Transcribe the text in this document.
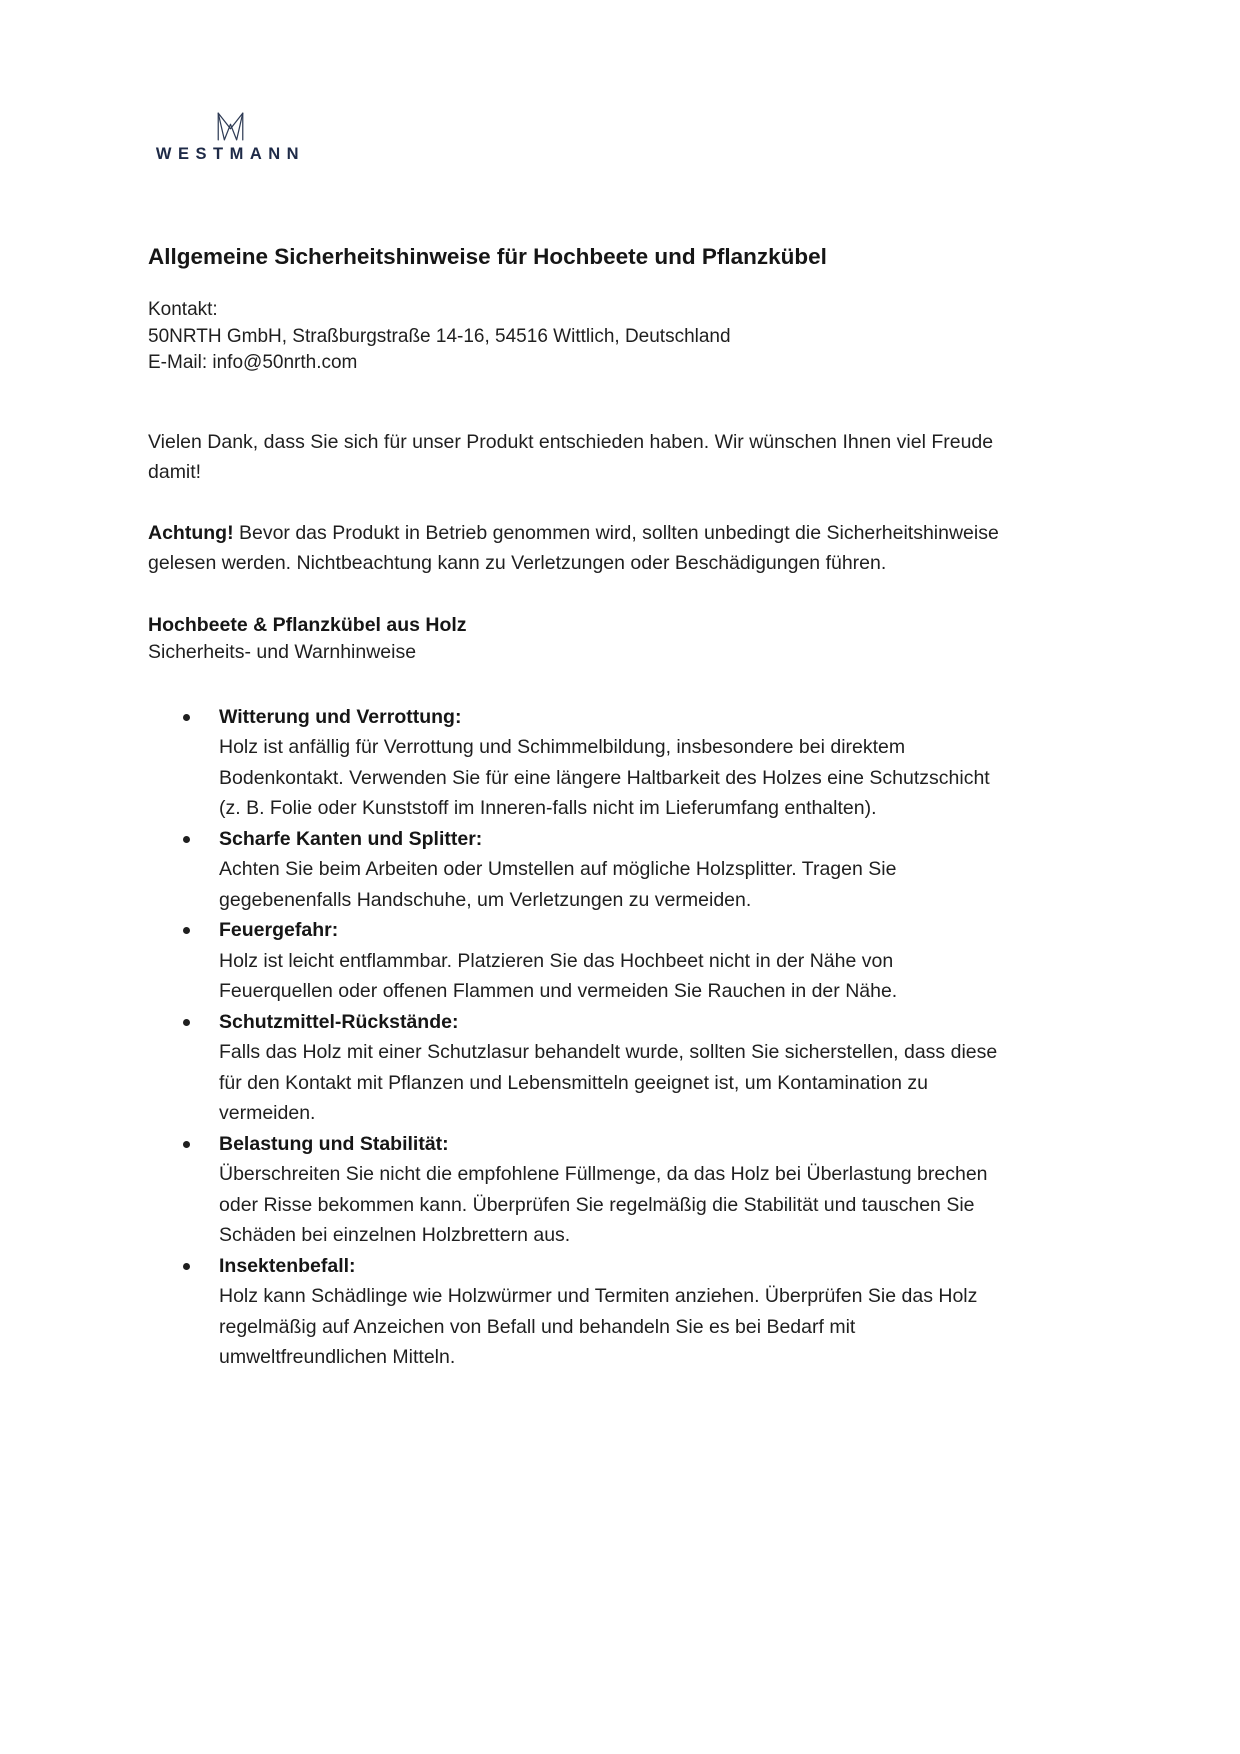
WESTMANN
Allgemeine Sicherheitshinweise für Hochbeete und Pflanzkübel
Kontakt:
50NRTH GmbH, Straßburgstraße 14-16, 54516 Wittlich, Deutschland
E-Mail: info@50nrth.com

Vielen Dank, dass Sie sich für unser Produkt entschieden haben. Wir wünschen Ihnen viel Freude damit!

Achtung! Bevor das Produkt in Betrieb genommen wird, sollten unbedingt die Sicherheitshinweise gelesen werden. Nichtbeachtung kann zu Verletzungen oder Beschädigungen führen.

Hochbeete & Pflanzkübel aus Holz
Sicherheits- und Warnhinweise
Witterung und Verrottung:
Holz ist anfällig für Verrottung und Schimmelbildung, insbesondere bei direktem Bodenkontakt. Verwenden Sie für eine längere Haltbarkeit des Holzes eine Schutzschicht (z. B. Folie oder Kunststoff im Inneren-falls nicht im Lieferumfang enthalten).
Scharfe Kanten und Splitter:
Achten Sie beim Arbeiten oder Umstellen auf mögliche Holzsplitter. Tragen Sie gegebenenfalls Handschuhe, um Verletzungen zu vermeiden.
Feuergefahr:
Holz ist leicht entflammbar. Platzieren Sie das Hochbeet nicht in der Nähe von Feuerquellen oder offenen Flammen und vermeiden Sie Rauchen in der Nähe.
Schutzmittel-Rückstände:
Falls das Holz mit einer Schutzlasur behandelt wurde, sollten Sie sicherstellen, dass diese für den Kontakt mit Pflanzen und Lebensmitteln geeignet ist, um Kontamination zu vermeiden.
Belastung und Stabilität:
Überschreiten Sie nicht die empfohlene Füllmenge, da das Holz bei Überlastung brechen oder Risse bekommen kann. Überprüfen Sie regelmäßig die Stabilität und tauschen Sie Schäden bei einzelnen Holzbrettern aus.
Insektenbefall:
Holz kann Schädlinge wie Holzwürmer und Termiten anziehen. Überprüfen Sie das Holz regelmäßig auf Anzeichen von Befall und behandeln Sie es bei Bedarf mit umweltfreundlichen Mitteln.
